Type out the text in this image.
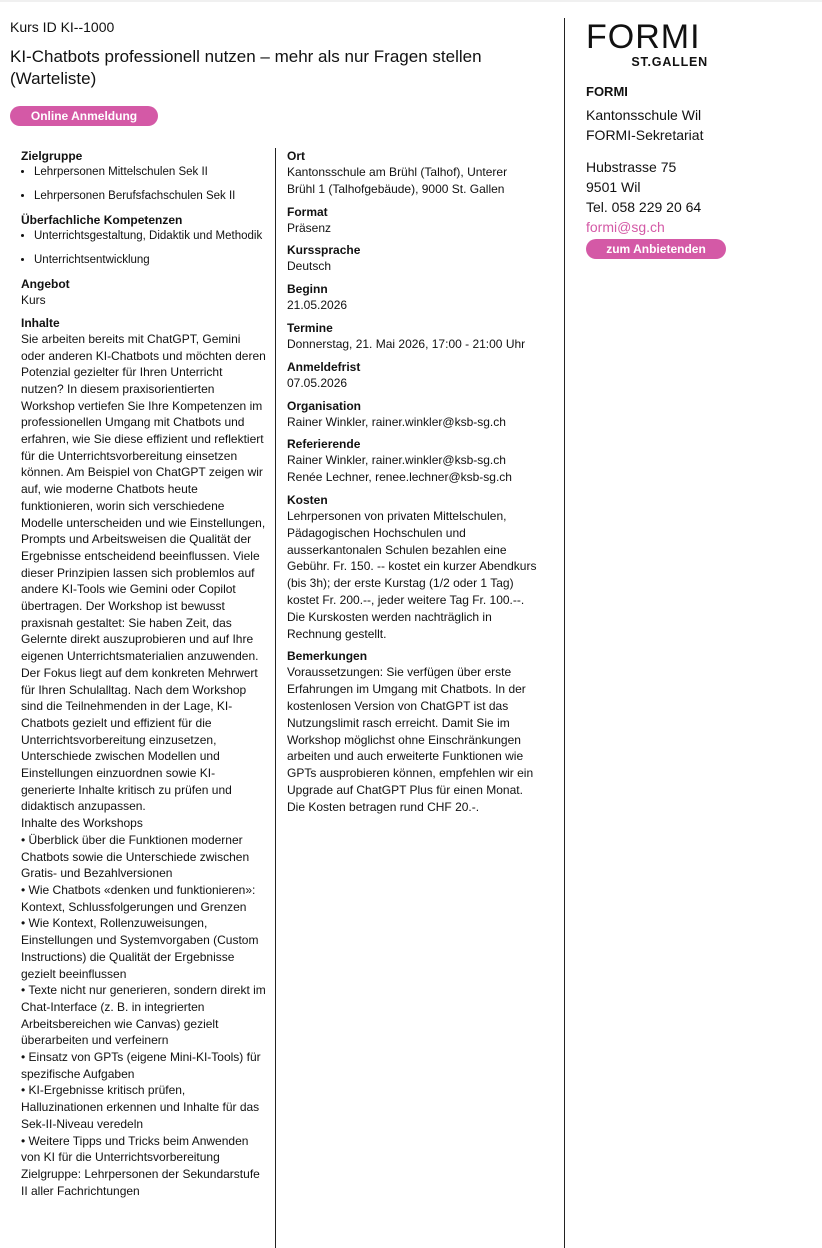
Kurs ID KI--1000

KI-Chatbots professionell nutzen – mehr als nur Fragen stellen (Warteliste)
Online Anmeldung

Zielgruppe

• Lehrpersonen Mittelschulen Sek II
• Lehrpersonen Berufsfachschulen Sek II

Überfachliche Kompetenzen

• Unterrichtsgestaltung, Didaktik und Methodik
• Unterrichtsentwicklung

Angebot

Kurs

Inhalte

Sie arbeiten bereits mit ChatGPT, Gemini oder anderen KI-Chatbots und möchten deren Potenzial gezielter für Ihren Unterricht nutzen? In diesem praxisorientierten Workshop vertiefen Sie Ihre Kompetenzen im professionellen Umgang mit Chatbots und erfahren, wie Sie diese effizient und reflektiert für die Unterrichtsvorbereitung einsetzen können. Am Beispiel von ChatGPT zeigen wir auf, wie moderne Chatbots heute funktionieren, worin sich verschiedene Modelle unterscheiden und wie Einstellungen, Prompts und Arbeitsweisen die Qualität der Ergebnisse entscheidend beeinflussen. Viele dieser Prinzipien lassen sich problemlos auf andere KI-Tools wie Gemini oder Copilot übertragen. Der Workshop ist bewusst praxisnah gestaltet: Sie haben Zeit, das Gelernte direkt auszuprobieren und auf Ihre eigenen Unterrichtsmaterialien anzuwenden. Der Fokus liegt auf dem konkreten Mehrwert für Ihren Schulalltag. Nach dem Workshop sind die Teilnehmenden in der Lage, KI-Chatbots gezielt und effizient für die Unterrichtsvorbereitung einzusetzen, Unterschiede zwischen Modellen und Einstellungen einzuordnen sowie KI-generierte Inhalte kritisch zu prüfen und didaktisch anzupassen.

Inhalte des Workshops

• Überblick über die Funktionen moderner Chatbots sowie die Unterschiede zwischen Gratis- und Bezahlversionen

• Wie Chatbots «denken und funktionieren»: Kontext, Schlussfolgerungen und Grenzen

• Wie Kontext, Rollenzuweisungen, Einstellungen und Systemvorgaben (Custom Instructions) die Qualität der Ergebnisse gezielt beeinflussen

• Texte nicht nur generieren, sondern direkt im Chat-Interface (z. B. in integrierten Arbeitsbereichen wie Canvas) gezielt überarbeiten und verfeinern

• Einsatz von GPTs (eigene Mini-KI-Tools) für spezifische Aufgaben

• KI-Ergebnisse kritisch prüfen, Halluzinationen erkennen und Inhalte für das Sek-II-Niveau veredeln

• Weitere Tipps und Tricks beim Anwenden von KI für die Unterrichtsvorbereitung

Zielgruppe: Lehrpersonen der Sekundarstufe II aller Fachrichtungen

Ort

Kantonsschule am Brühl (Talhof), Unterer Brühl 1 (Talhofgebäude), 9000 St. Gallen

Format

Präsenz

Kurssprache

Deutsch

Beginn

21.05.2026

Termine

Donnerstag, 21. Mai 2026, 17:00 - 21:00 Uhr

Anmeldefrist

07.05.2026

Organisation

Rainer Winkler, rainer.winkler@ksb-sg.ch

Referierende

Rainer Winkler, rainer.winkler@ksb-sg.ch

Renée Lechner, renee.lechner@ksb-sg.ch

Kosten

Lehrpersonen von privaten Mittelschulen, Pädagogischen Hochschulen und ausserkantonalen Schulen bezahlen eine Gebühr. Fr. 150. -- kostet ein kurzer Abendkurs (bis 3h); der erste Kurstag (1/2 oder 1 Tag) kostet Fr. 200.--, jeder weitere Tag Fr. 100.--. Die Kurskosten werden nachträglich in Rechnung gestellt.

Bemerkungen

Voraussetzungen: Sie verfügen über erste Erfahrungen im Umgang mit Chatbots. In der kostenlosen Version von ChatGPT ist das Nutzungslimit rasch erreicht. Damit Sie im Workshop möglichst ohne Einschränkungen arbeiten und auch erweiterte Funktionen wie GPTs ausprobieren können, empfehlen wir ein Upgrade auf ChatGPT Plus für einen Monat. Die Kosten betragen rund CHF 20.-.

FORMI
ST.GALLEN

FORMI

Kantonsschule Wil

FORMI-Sekretariat

Hubstrasse 75

9501 Wil

Tel. 058 229 20 64

formi@sg.ch

zum Anbietenden
